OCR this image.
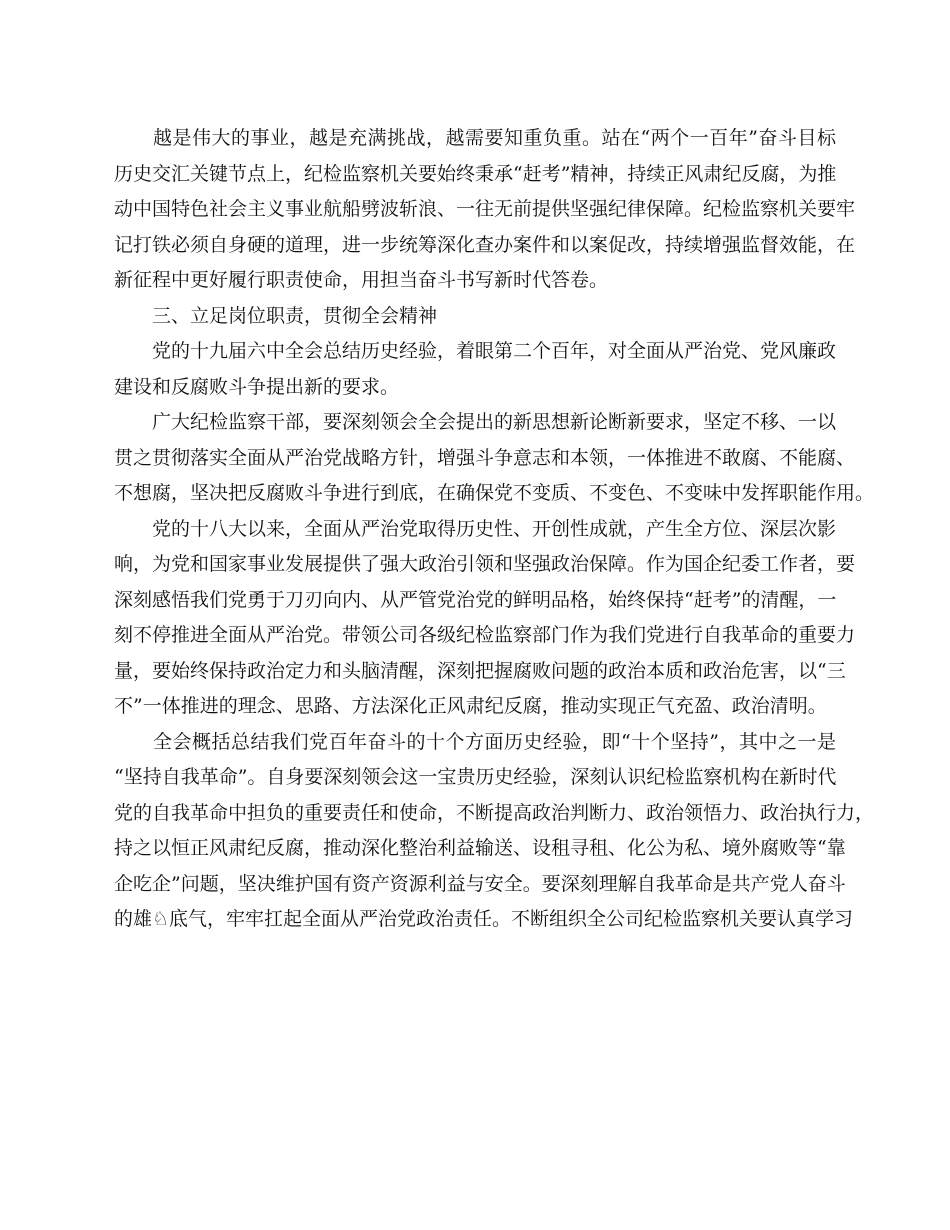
　　越是伟大的事业，越是充满挑战，越需要知重负重。站在“两个一百年”奋斗目标
历史交汇关键节点上，纪检监察机关要始终秉承“赶考”精神，持续正风肃纪反腐，为推
动中国特色社会主义事业航船劈波斩浪、一往无前提供坚强纪律保障。纪检监察机关要牢
记打铁必须自身硬的道理，进一步统筹深化查办案件和以案促改，持续增强监督效能，在
新征程中更好履行职责使命，用担当奋斗书写新时代答卷。
　　三、立足岗位职责，贯彻全会精神
　　党的十九届六中全会总结历史经验，着眼第二个百年，对全面从严治党、党风廉政
建设和反腐败斗争提出新的要求。
　　广大纪检监察干部，要深刻领会全会提出的新思想新论断新要求，坚定不移、一以
贯之贯彻落实全面从严治党战略方针，增强斗争意志和本领，一体推进不敢腐、不能腐、
不想腐，坚决把反腐败斗争进行到底，在确保党不变质、不变色、不变味中发挥职能作用。
　　党的十八大以来，全面从严治党取得历史性、开创性成就，产生全方位、深层次影
响，为党和国家事业发展提供了强大政治引领和坚强政治保障。作为国企纪委工作者，要
深刻感悟我们党勇于刀刃向内、从严管党治党的鲜明品格，始终保持“赶考”的清醒，一
刻不停推进全面从严治党。带领公司各级纪检监察部门作为我们党进行自我革命的重要力
量，要始终保持政治定力和头脑清醒，深刻把握腐败问题的政治本质和政治危害，以“三
不”一体推进的理念、思路、方法深化正风肃纪反腐，推动实现正气充盈、政治清明。
　　全会概括总结我们党百年奋斗的十个方面历史经验，即“十个坚持”，其中之一是
“坚持自我革命”。自身要深刻领会这一宝贵历史经验，深刻认识纪检监察机构在新时代
党的自我革命中担负的重要责任和使命，不断提高政治判断力、政治领悟力、政治执行力，
持之以恒正风肃纪反腐，推动深化整治利益输送、设租寻租、化公为私、境外腐败等“靠
企吃企”问题，坚决维护国有资产资源利益与安全。要深刻理解自我革命是共产党人奋斗
的雄♘底气，牢牢扛起全面从严治党政治责任。不断组织全公司纪检监察机关要认真学习
